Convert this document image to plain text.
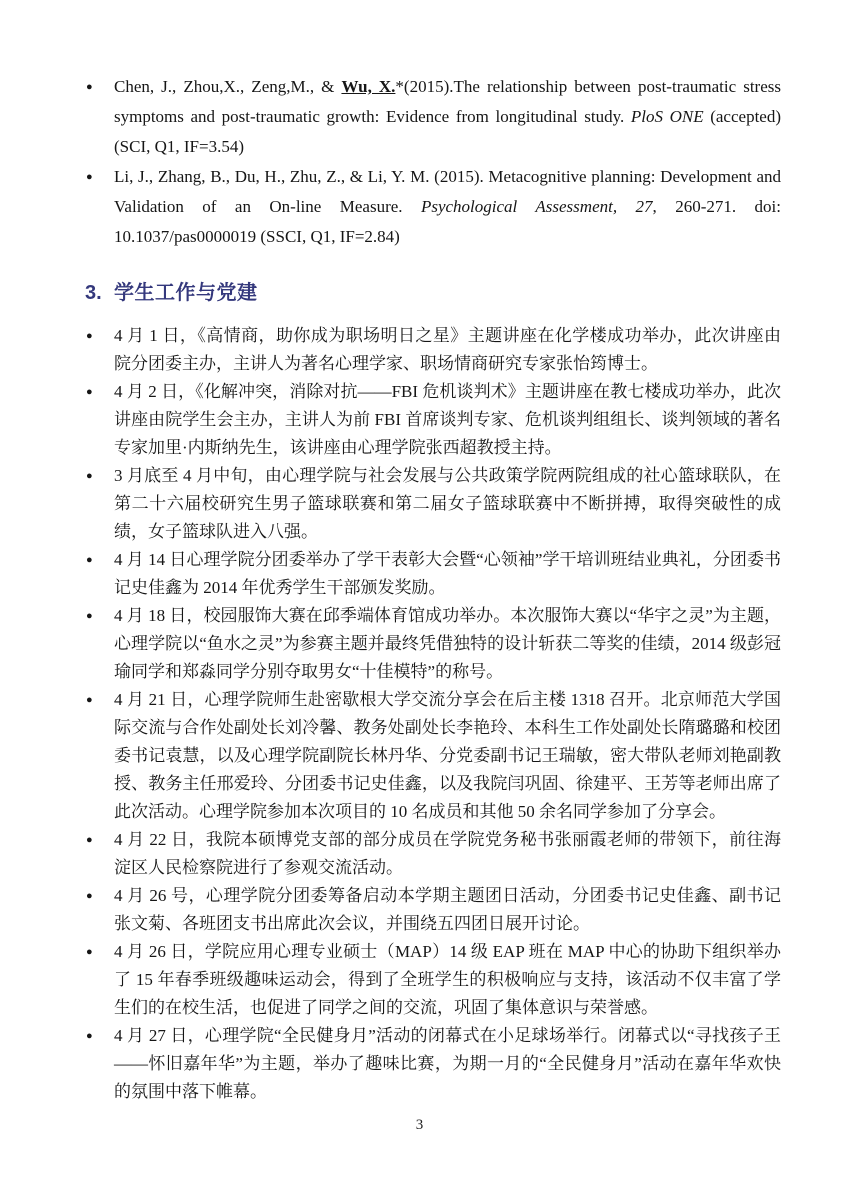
● Chen, J., Zhou,X., Zeng,M., & Wu, X.*(2015).The relationship between post-traumatic stress symptoms and post-traumatic growth: Evidence from longitudinal study. PloS ONE (accepted) (SCI, Q1, IF=3.54)
● Li, J., Zhang, B., Du, H., Zhu, Z., & Li, Y. M. (2015). Metacognitive planning: Development and Validation of an On-line Measure. Psychological Assessment, 27, 260-271. doi: 10.1037/pas0000019 (SSCI, Q1, IF=2.84)
3. 学生工作与党建
● 4 月 1 日，《高情商，助你成为职场明日之星》主题讲座在化学楼成功举办，此次讲座由院分团委主办，主讲人为著名心理学家、职场情商研究专家张怡筠博士。
● 4 月 2 日，《化解冲突，消除对抗——FBI 危机谈判术》主题讲座在教七楼成功举办，此次讲座由院学生会主办，主讲人为前 FBI 首席谈判专家、危机谈判组组长、谈判领域的著名专家加里·内斯纳先生，该讲座由心理学院张西超教授主持。
● 3 月底至 4 月中旬，由心理学院与社会发展与公共政策学院两院组成的社心篮球联队，在第二十六届校研究生男子篮球联赛和第二届女子篮球联赛中不断拼搏，取得突破性的成绩，女子篮球队进入八强。
● 4 月 14 日心理学院分团委举办了学干表彰大会暨“心领袖”学干培训班结业典礼，分团委书记史佳鑫为 2014 年优秀学生干部颁发奖励。
● 4 月 18 日，校园服饰大赛在邱季端体育馆成功举办。本次服饰大赛以“华宇之灵”为主题，心理学院以“鱼水之灵”为参赛主题并最终凭借独特的设计斩获二等奖的佳绩，2014 级彭冠瑜同学和郑淼同学分别夺取男女“十佳模特”的称号。
● 4 月 21 日，心理学院师生赴密歇根大学交流分享会在后主楼 1318 召开。北京师范大学国际交流与合作处副处长刘冷馨、教务处副处长李艳玲、本科生工作处副处长隋璐璐和校团委书记袁慧，以及心理学院副院长林丹华、分党委副书记王瑞敏，密大带队老师刘艳副教授、教务主任邢爱玲、分团委书记史佳鑫，以及我院闫巩固、徐建平、王芳等老师出席了此次活动。心理学院参加本次项目的 10 名成员和其他 50 余名同学参加了分享会。
● 4 月 22 日，我院本硕博党支部的部分成员在学院党务秘书张丽霞老师的带领下，前往海淀区人民检察院进行了参观交流活动。
● 4 月 26 号，心理学院分团委筹备启动本学期主题团日活动，分团委书记史佳鑫、副书记张文菊、各班团支书出席此次会议，并围绕五四团日展开讨论。
● 4 月 26 日，学院应用心理专业硕士（MAP）14 级 EAP 班在 MAP 中心的协助下组织举办了 15 年春季班级趣味运动会，得到了全班学生的积极响应与支持，该活动不仅丰富了学生们的在校生活，也促进了同学之间的交流，巩固了集体意识与荣誉感。
● 4 月 27 日，心理学院“全民健身月”活动的闭幕式在小足球场举行。闭幕式以“寻找孩子王——怀旧嘉年华”为主题，举办了趣味比赛，为期一月的“全民健身月”活动在嘉年华欢快的氛围中落下帷幕。
3
